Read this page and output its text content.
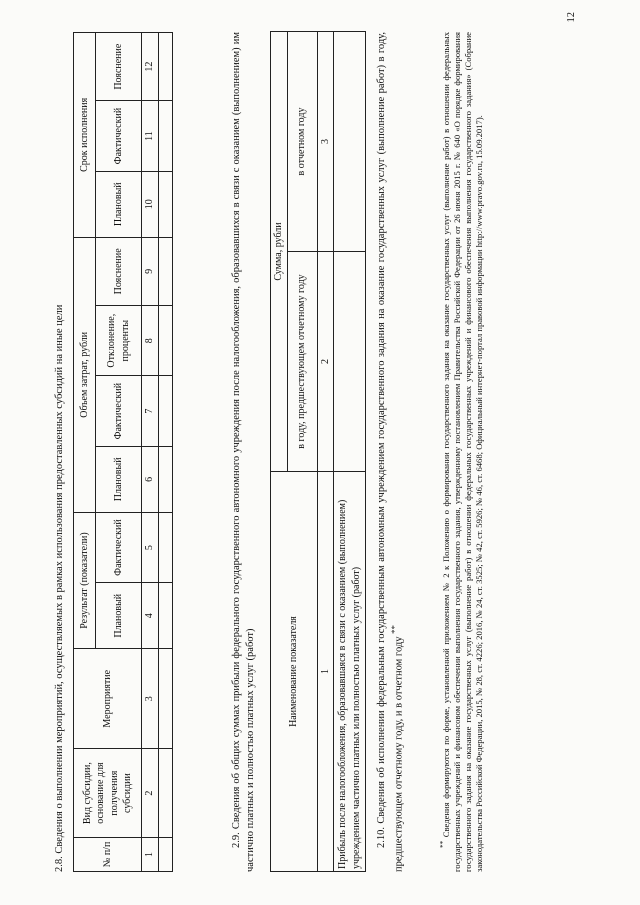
12

2.8. Сведения о выполнении мероприятий, осуществляемых в рамках использования предоставленных субсидий на иные цели	№ п/п	Вид субсидии, основание для получения субсидии	Мероприятие	Результат (показатели)		Объем затрат, рубли				Срок исполнения		
			Плановый	Фактический	Плановый	Фактический	Отклонение, проценты	Пояснение	Плановый	Фактический	Пояснение
1	2	3	4	5	6	7	8	9	10	11	12
												2.9. Сведения об общих суммах прибыли федерального государственного автономного учреждения после налогообложения, образовавшихся в связи с оказанием (выполнением) им частично платных и полностью платных услуг (работ)	Наименование показателя	Сумма, рубли	
	в году, предшествующем отчетному году	в отчетном году
1	2	3
Прибыль после налогообложения, образовавшаяся в связи с оказанием (выполнением) учреждением частично платных или полностью платных услуг (работ)		2.10. Сведения об исполнении федеральным государственным автономным учреждением государственного задания на оказание государственных услуг (выполнение работ) в году, предшествующем отчетному году, и в отчетном году **

** Сведения формируются по форме, установленной приложением № 2 к Положению о формировании государственного задания на оказание государственных услуг (выполнение работ) в отношении федеральных государственных учреждений и финансовом обеспечении выполнения государственного задания, утвержденному постановлением Правительства Российской Федерации от 26 июня 2015 г. № 640 «О порядке формирования государственного задания на оказание государственных услуг (выполнение работ) в отношении федеральных государственных учреждений и финансового обеспечения выполнения государственного задания» (Собрание законодательства Российской Федерации, 2015, № 28, ст. 4226; 2016, № 24, ст. 3525; № 42, ст. 5926; № 46, ст. 6468; Официальный интернет-портал правовой информации http://www.pravo.gov.ru, 15.09.2017).
